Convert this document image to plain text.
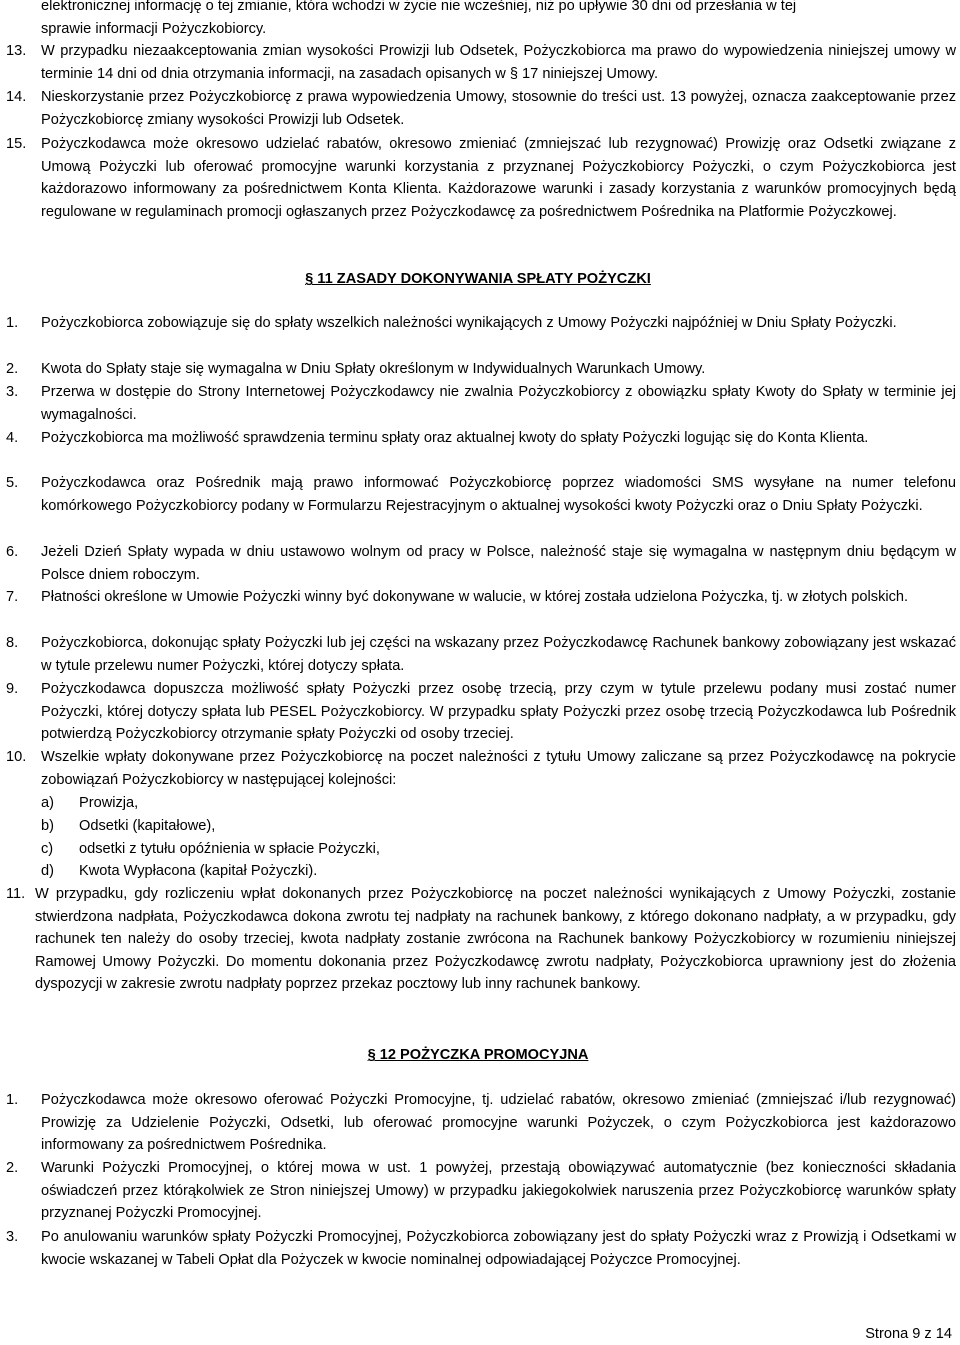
elektronicznej informację o tej zmianie, która wchodzi w życie nie wcześniej, niż po upływie 30 dni od przesłania w tej
sprawie informacji Pożyczkobiorcy.
13. W przypadku niezaakceptowania zmian wysokości Prowizji lub Odsetek, Pożyczkobiorca ma prawo do wypowiedzenia niniejszej umowy w terminie 14 dni od dnia otrzymania informacji, na zasadach opisanych w § 17 niniejszej Umowy.
14. Nieskorzystanie przez Pożyczkobiorcę z prawa wypowiedzenia Umowy, stosownie do treści ust. 13 powyżej, oznacza zaakceptowanie przez Pożyczkobiorcę zmiany wysokości Prowizji lub Odsetek.
15. Pożyczkodawca może okresowo udzielać rabatów, okresowo zmieniać (zmniejszać lub rezygnować) Prowizję oraz Odsetki związane z Umową Pożyczki lub oferować promocyjne warunki korzystania z przyznanej Pożyczkobiorcy Pożyczki, o czym Pożyczkobiorca jest każdorazowo informowany za pośrednictwem Konta Klienta. Każdorazowe warunki i zasady korzystania z warunków promocyjnych będą regulowane w regulaminach promocji ogłaszanych przez Pożyczkodawcę za pośrednictwem Pośrednika na Platformie Pożyczkowej.
§ 11 ZASADY DOKONYWANIA SPŁATY POŻYCZKI
1. Pożyczkobiorca zobowiązuje się do spłaty wszelkich należności wynikających z Umowy Pożyczki najpóźniej w Dniu Spłaty Pożyczki.
2. Kwota do Spłaty staje się wymagalna w Dniu Spłaty określonym w Indywidualnych Warunkach Umowy.
3. Przerwa w dostępie do Strony Internetowej Pożyczkodawcy nie zwalnia Pożyczkobiorcy z obowiązku spłaty Kwoty do Spłaty w terminie jej wymagalności.
4. Pożyczkobiorca ma możliwość sprawdzenia terminu spłaty oraz aktualnej kwoty do spłaty Pożyczki logując się do Konta Klienta.
5. Pożyczkodawca oraz Pośrednik mają prawo informować Pożyczkobiorcę poprzez wiadomości SMS wysyłane na numer telefonu komórkowego Pożyczkobiorcy podany w Formularzu Rejestracyjnym o aktualnej wysokości kwoty Pożyczki oraz o Dniu Spłaty Pożyczki.
6. Jeżeli Dzień Spłaty wypada w dniu ustawowo wolnym od pracy w Polsce, należność staje się wymagalna w następnym dniu będącym w Polsce dniem roboczym.
7. Płatności określone w Umowie Pożyczki winny być dokonywane w walucie, w której została udzielona Pożyczka, tj. w złotych polskich.
8. Pożyczkobiorca, dokonując spłaty Pożyczki lub jej części na wskazany przez Pożyczkodawcę Rachunek bankowy zobowiązany jest wskazać w tytule przelewu numer Pożyczki, której dotyczy spłata.
9. Pożyczkodawca dopuszcza możliwość spłaty Pożyczki przez osobę trzecią, przy czym w tytule przelewu podany musi zostać numer Pożyczki, której dotyczy spłata lub PESEL Pożyczkobiorcy. W przypadku spłaty Pożyczki przez osobę trzecią Pożyczkodawca lub Pośrednik potwierdzą Pożyczkobiorcy otrzymanie spłaty Pożyczki od osoby trzeciej.
10. Wszelkie wpłaty dokonywane przez Pożyczkobiorcę na poczet należności z tytułu Umowy zaliczane są przez Pożyczkodawcę na pokrycie zobowiązań Pożyczkobiorcy w następującej kolejności:
a) Prowizja,
b) Odsetki (kapitałowe),
c) odsetki z tytułu opóźnienia w spłacie Pożyczki,
d) Kwota Wypłacona (kapitał Pożyczki).
11. W przypadku, gdy rozliczeniu wpłat dokonanych przez Pożyczkobiorcę na poczet należności wynikających z Umowy Pożyczki, zostanie stwierdzona nadpłata, Pożyczkodawca dokona zwrotu tej nadpłaty na rachunek bankowy, z którego dokonano nadpłaty, a w przypadku, gdy rachunek ten należy do osoby trzeciej, kwota nadpłaty zostanie zwrócona na Rachunek bankowy Pożyczkobiorcy w rozumieniu niniejszej Ramowej Umowy Pożyczki. Do momentu dokonania przez Pożyczkodawcę zwrotu nadpłaty, Pożyczkobiorca uprawniony jest do złożenia dyspozycji w zakresie zwrotu nadpłaty poprzez przekaz pocztowy lub inny rachunek bankowy.
§ 12 POŻYCZKA PROMOCYJNA
1. Pożyczkodawca może okresowo oferować Pożyczki Promocyjne, tj. udzielać rabatów, okresowo zmieniać (zmniejszać i/lub rezygnować) Prowizję za Udzielenie Pożyczki, Odsetki, lub oferować promocyjne warunki Pożyczek, o czym Pożyczkobiorca jest każdorazowo informowany za pośrednictwem Pośrednika.
2. Warunki Pożyczki Promocyjnej, o której mowa w ust. 1 powyżej, przestają obowiązywać automatycznie (bez konieczności składania oświadczeń przez którąkolwiek ze Stron niniejszej Umowy) w przypadku jakiegokolwiek naruszenia przez Pożyczkobiorcę warunków spłaty przyznanej Pożyczki Promocyjnej.
3. Po anulowaniu warunków spłaty Pożyczki Promocyjnej, Pożyczkobiorca zobowiązany jest do spłaty Pożyczki wraz z Prowizją i Odsetkami w kwocie wskazanej w Tabeli Opłat dla Pożyczek w kwocie nominalnej odpowiadającej Pożyczce Promocyjnej.
Strona 9 z 14
